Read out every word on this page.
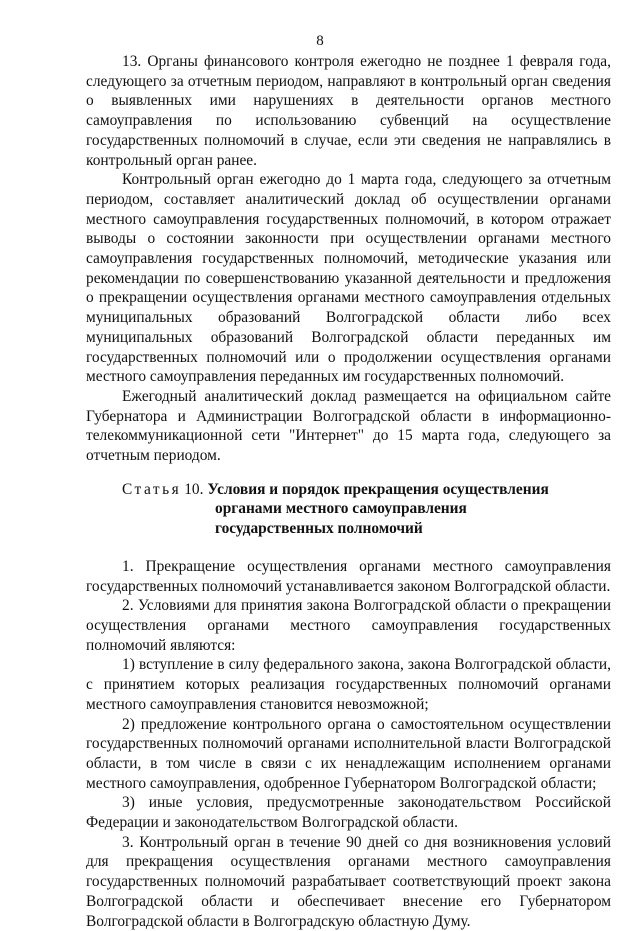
8

13. Органы финансового контроля ежегодно не позднее 1 февраля года, следующего за отчетным периодом, направляют в контрольный орган сведения о выявленных ими нарушениях в деятельности органов местного самоуправления по использованию субвенций на осуществление государственных полномочий в случае, если эти сведения не направлялись в контрольный орган ранее.

Контрольный орган ежегодно до 1 марта года, следующего за отчетным периодом, составляет аналитический доклад об осуществлении органами местного самоуправления государственных полномочий, в котором отражает выводы о состоянии законности при осуществлении органами местного самоуправления государственных полномочий, методические указания или рекомендации по совершенствованию указанной деятельности и предложения о прекращении осуществления органами местного самоуправления отдельных муниципальных образований Волгоградской области либо всех муниципальных образований Волгоградской области переданных им государственных полномочий или о продолжении осуществления органами местного самоуправления переданных им государственных полномочий.

Ежегодный аналитический доклад размещается на официальном сайте Губернатора и Администрации Волгоградской области в информационно-телекоммуникационной сети "Интернет" до 15 марта года, следующего за отчетным периодом.

Статья 10. Условия и порядок прекращения осуществления
органами местного самоуправления
государственных полномочий

1. Прекращение осуществления органами местного самоуправления государственных полномочий устанавливается законом Волгоградской области.

2. Условиями для принятия закона Волгоградской области о прекращении осуществления органами местного самоуправления государственных полномочий являются:

1) вступление в силу федерального закона, закона Волгоградской области, с принятием которых реализация государственных полномочий органами местного самоуправления становится невозможной;

2) предложение контрольного органа о самостоятельном осуществлении государственных полномочий органами исполнительной власти Волгоградской области, в том числе в связи с их ненадлежащим исполнением органами местного самоуправления, одобренное Губернатором Волгоградской области;

3) иные условия, предусмотренные законодательством Российской Федерации и законодательством Волгоградской области.

3. Контрольный орган в течение 90 дней со дня возникновения условий для прекращения осуществления органами местного самоуправления государственных полномочий разрабатывает соответствующий проект закона Волгоградской области и обеспечивает внесение его Губернатором Волгоградской области в Волгоградскую областную Думу.
